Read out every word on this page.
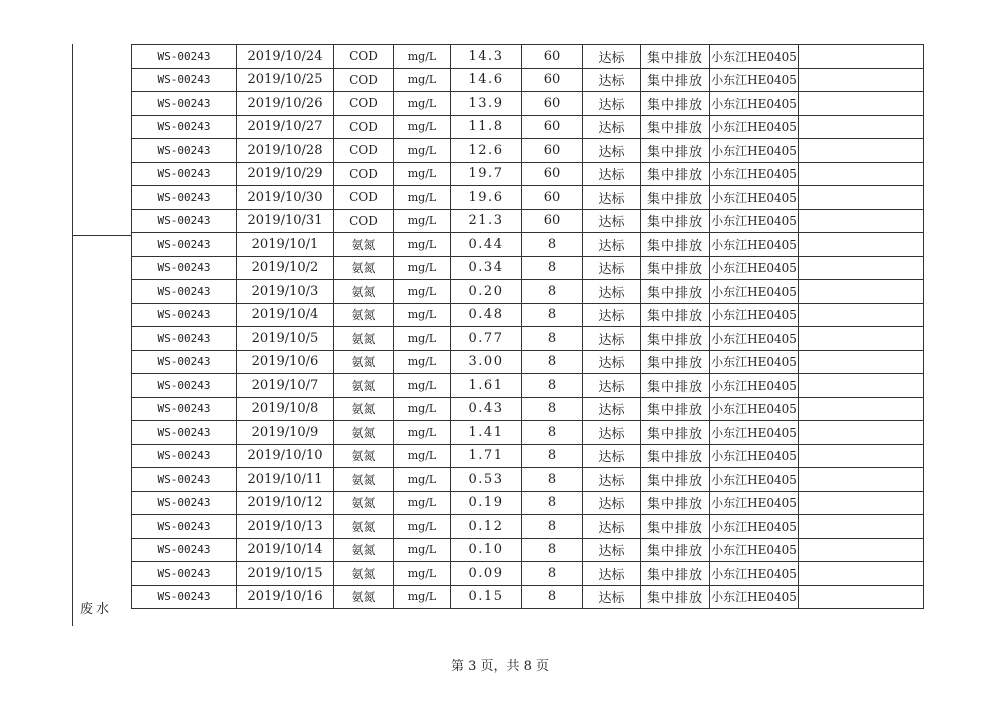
废水
WS-00243	2019/10/24	COD	mg/L	14.3	60	达标	集中排放	小东江HE0405	
WS-00243	2019/10/25	COD	mg/L	14.6	60	达标	集中排放	小东江HE0405	
WS-00243	2019/10/26	COD	mg/L	13.9	60	达标	集中排放	小东江HE0405	
WS-00243	2019/10/27	COD	mg/L	11.8	60	达标	集中排放	小东江HE0405	
WS-00243	2019/10/28	COD	mg/L	12.6	60	达标	集中排放	小东江HE0405	
WS-00243	2019/10/29	COD	mg/L	19.7	60	达标	集中排放	小东江HE0405	
WS-00243	2019/10/30	COD	mg/L	19.6	60	达标	集中排放	小东江HE0405	
WS-00243	2019/10/31	COD	mg/L	21.3	60	达标	集中排放	小东江HE0405	
WS-00243	2019/10/1	氨氮	mg/L	0.44	8	达标	集中排放	小东江HE0405	
WS-00243	2019/10/2	氨氮	mg/L	0.34	8	达标	集中排放	小东江HE0405	
WS-00243	2019/10/3	氨氮	mg/L	0.20	8	达标	集中排放	小东江HE0405	
WS-00243	2019/10/4	氨氮	mg/L	0.48	8	达标	集中排放	小东江HE0405	
WS-00243	2019/10/5	氨氮	mg/L	0.77	8	达标	集中排放	小东江HE0405	
WS-00243	2019/10/6	氨氮	mg/L	3.00	8	达标	集中排放	小东江HE0405	
WS-00243	2019/10/7	氨氮	mg/L	1.61	8	达标	集中排放	小东江HE0405	
WS-00243	2019/10/8	氨氮	mg/L	0.43	8	达标	集中排放	小东江HE0405	
WS-00243	2019/10/9	氨氮	mg/L	1.41	8	达标	集中排放	小东江HE0405	
WS-00243	2019/10/10	氨氮	mg/L	1.71	8	达标	集中排放	小东江HE0405	
WS-00243	2019/10/11	氨氮	mg/L	0.53	8	达标	集中排放	小东江HE0405	
WS-00243	2019/10/12	氨氮	mg/L	0.19	8	达标	集中排放	小东江HE0405	
WS-00243	2019/10/13	氨氮	mg/L	0.12	8	达标	集中排放	小东江HE0405	
WS-00243	2019/10/14	氨氮	mg/L	0.10	8	达标	集中排放	小东江HE0405	
WS-00243	2019/10/15	氨氮	mg/L	0.09	8	达标	集中排放	小东江HE0405	
WS-00243	2019/10/16	氨氮	mg/L	0.15	8	达标	集中排放	小东江HE0405	
第 3 页，共 8 页
